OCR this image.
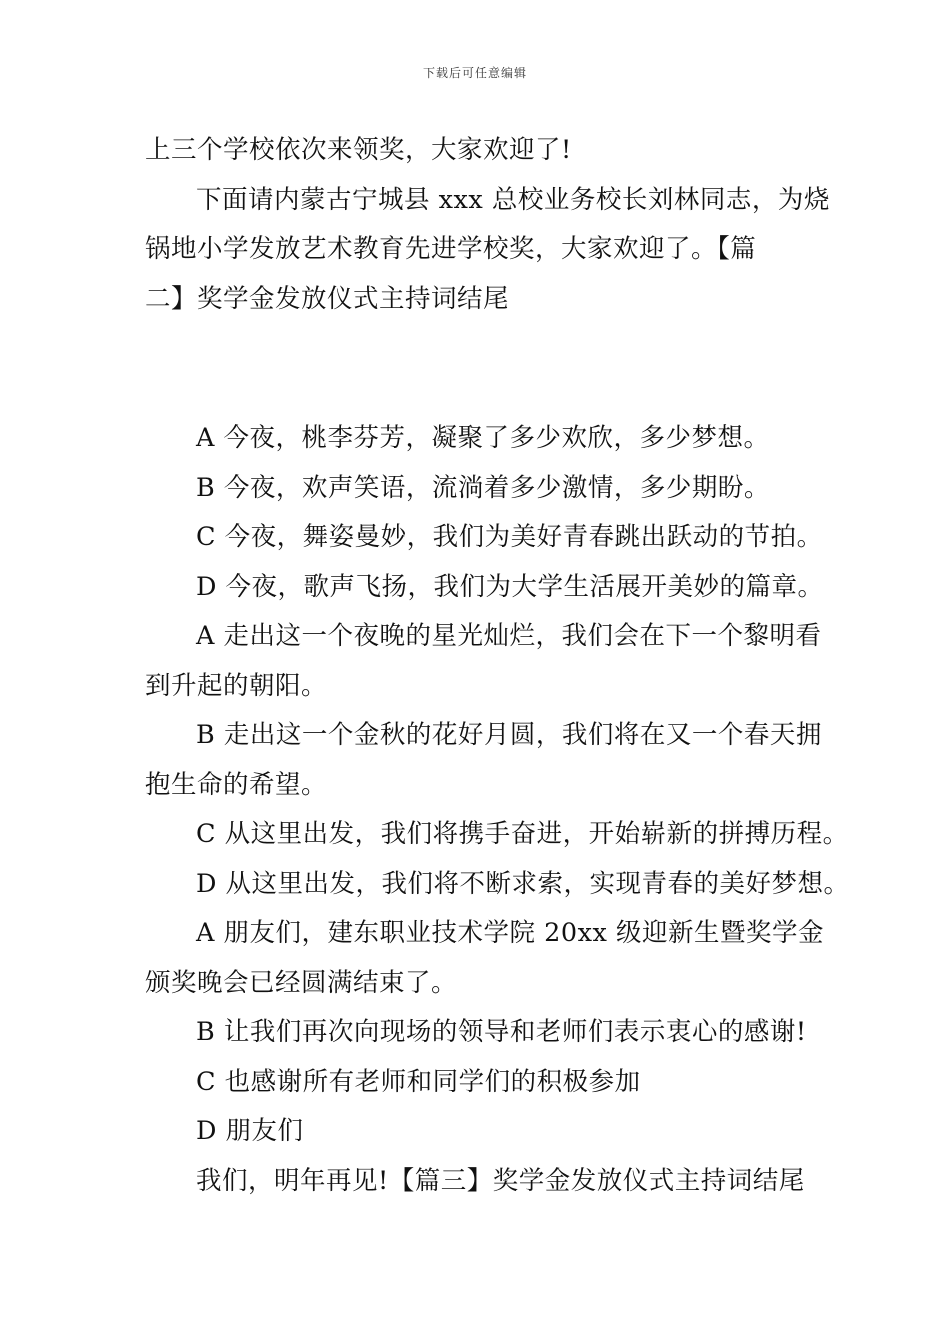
下载后可任意编辑
上三个学校依次来领奖，大家欢迎了!
下面请内蒙古宁城县 xxx 总校业务校长刘林同志，为烧
锅地小学发放艺术教育先进学校奖，大家欢迎了。【篇
二】奖学金发放仪式主持词结尾
A 今夜，桃李芬芳，凝聚了多少欢欣，多少梦想。
B 今夜，欢声笑语，流淌着多少激情，多少期盼。
C 今夜，舞姿曼妙，我们为美好青春跳出跃动的节拍。
D 今夜，歌声飞扬，我们为大学生活展开美妙的篇章。
A 走出这一个夜晚的星光灿烂，我们会在下一个黎明看
到升起的朝阳。
B 走出这一个金秋的花好月圆，我们将在又一个春天拥
抱生命的希望。
C 从这里出发，我们将携手奋进，开始崭新的拼搏历程。
D 从这里出发，我们将不断求索，实现青春的美好梦想。
A 朋友们，建东职业技术学院 20xx 级迎新生暨奖学金
颁奖晚会已经圆满结束了。
B 让我们再次向现场的领导和老师们表示衷心的感谢!
C 也感谢所有老师和同学们的积极参加
D 朋友们
我们，明年再见!【篇三】奖学金发放仪式主持词结尾
